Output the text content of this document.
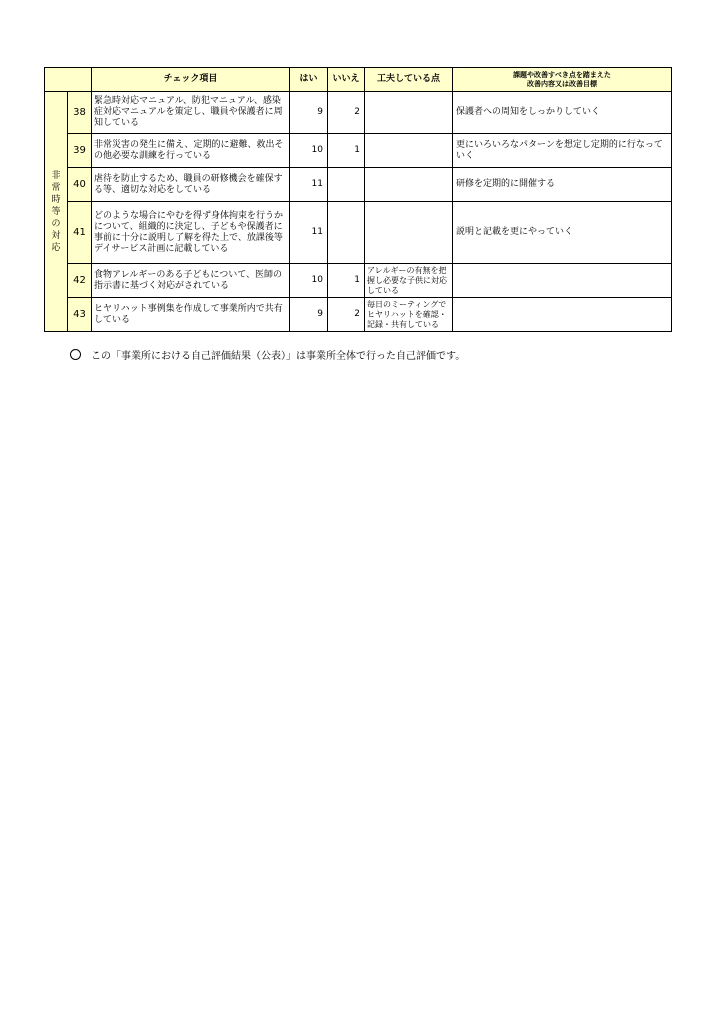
		チェック項目	はい	いいえ	工夫している点	課題や改善すべき点を踏まえた
改善内容又は改善目標

非常時等の対応	38	緊急時対応マニュアル、防犯マニュアル、感染症対応マニュアルを策定し、職員や保護者に周知している	9	2		保護者への周知をしっかりしていく
	39	非常災害の発生に備え、定期的に避難、救出その他必要な訓練を行っている	10	1		更にいろいろなパターンを想定し定期的に行なっていく
	40	虐待を防止するため、職員の研修機会を確保する等、適切な対応をしている	11			研修を定期的に開催する
	41	どのような場合にやむを得ず身体拘束を行うかについて、組織的に決定し、子どもや保護者に事前に十分に説明し了解を得た上で、放課後等デイサービス計画に記載している	11			説明と記載を更にやっていく
	42	食物アレルギーのある子どもについて、医師の指示書に基づく対応がされている	10	1	アレルギーの有無を把握し必要な子供に対応している	
	43	ヒヤリハット事例集を作成して事業所内で共有している	9	2	毎日のミーティングでヒヤリハットを確認・記録・共有している	
この「事業所における自己評価結果（公表）」は事業所全体で行った自己評価です。
